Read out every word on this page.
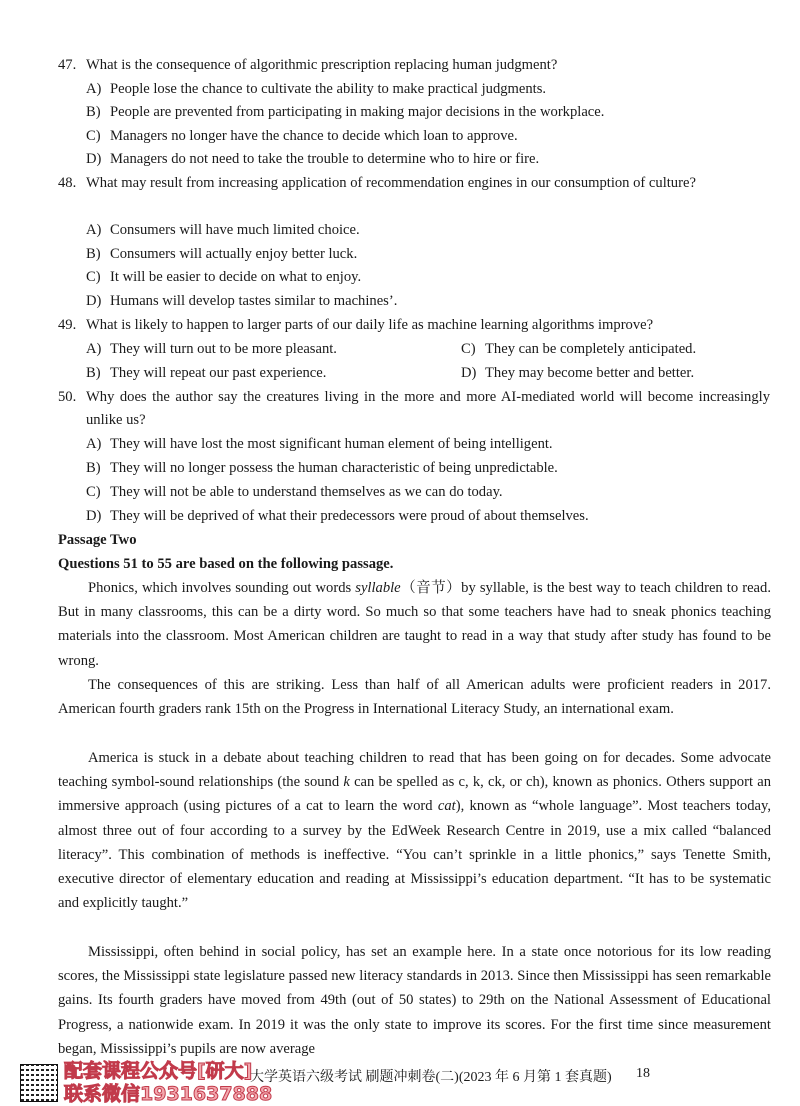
47. What is the consequence of algorithmic prescription replacing human judgment?
A) People lose the chance to cultivate the ability to make practical judgments.
B) People are prevented from participating in making major decisions in the workplace.
C) Managers no longer have the chance to decide which loan to approve.
D) Managers do not need to take the trouble to determine who to hire or fire.
48. What may result from increasing application of recommendation engines in our consumption of culture?
A) Consumers will have much limited choice.
B) Consumers will actually enjoy better luck.
C) It will be easier to decide on what to enjoy.
D) Humans will develop tastes similar to machines’.
49. What is likely to happen to larger parts of our daily life as machine learning algorithms improve?
A) They will turn out to be more pleasant.	C) They can be completely anticipated.
B) They will repeat our past experience.	D) They may become better and better.
50. Why does the author say the creatures living in the more and more AI-mediated world will become increasingly unlike us?
A) They will have lost the most significant human element of being intelligent.
B) They will no longer possess the human characteristic of being unpredictable.
C) They will not be able to understand themselves as we can do today.
D) They will be deprived of what their predecessors were proud of about themselves.
Passage Two
Questions 51 to 55 are based on the following passage.
Phonics, which involves sounding out words syllable（音节）by syllable, is the best way to teach children to read. But in many classrooms, this can be a dirty word. So much so that some teachers have had to sneak phonics teaching materials into the classroom. Most American children are taught to read in a way that study after study has found to be wrong.
The consequences of this are striking. Less than half of all American adults were proficient readers in 2017. American fourth graders rank 15th on the Progress in International Literacy Study, an international exam.
America is stuck in a debate about teaching children to read that has been going on for decades. Some advocate teaching symbol-sound relationships (the sound k can be spelled as c, k, ck, or ch), known as phonics. Others support an immersive approach (using pictures of a cat to learn the word cat), known as “whole language”. Most teachers today, almost three out of four according to a survey by the EdWeek Research Centre in 2019, use a mix called “balanced literacy”. This combination of methods is ineffective. “You can’t sprinkle in a little phonics,” says Tenette Smith, executive director of elementary education and reading at Mississippi’s education department. “It has to be systematic and explicitly taught.”
Mississippi, often behind in social policy, has set an example here. In a state once notorious for its low reading scores, the Mississippi state legislature passed new literacy standards in 2013. Since then Mississippi has seen remarkable gains. Its fourth graders have moved from 49th (out of 50 states) to 29th on the National Assessment of Educational Progress, a nationwide exam. In 2019 it was the only state to improve its scores. For the first time since measurement began, Mississippi’s pupils are now average
配套课程公众号[研大]
联系微信1931637888
大学英语六级考试 刷题冲刺卷(二)(2023 年 6 月第 1 套真题) 18
